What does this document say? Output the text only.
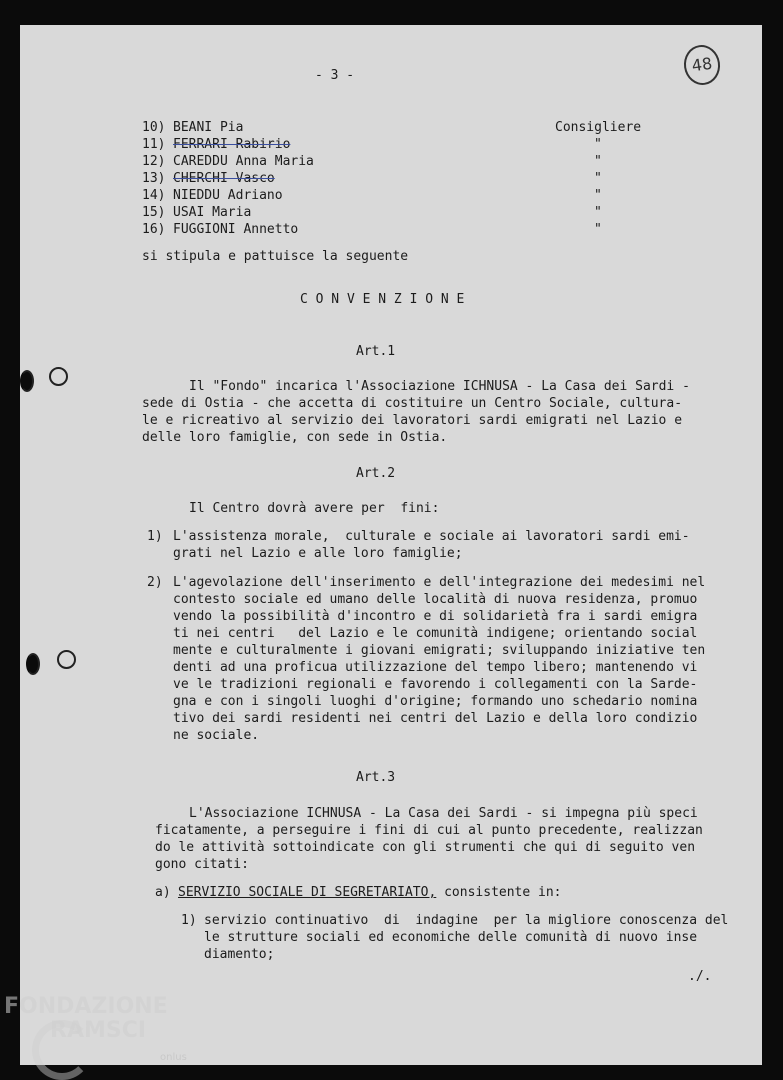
- 3 -
48
10) BEANI Pia	Consigliere
11) FERRARI Rabirio	"
12) CAREDDU Anna Maria	"
13) CHERCHI Vasco	"
14) NIEDDU Adriano	"
15) USAI Maria	"
16) FUGGIONI Annetto	"
si stipula e pattuisce la seguente
C O N V E N Z I O N E
Art.1
Il "Fondo" incarica l'Associazione ICHNUSA - La Casa dei Sardi -
sede di Ostia - che accetta di costituire un Centro Sociale, cultura-
le e ricreativo al servizio dei lavoratori sardi emigrati nel Lazio e
delle loro famiglie, con sede in Ostia.
Art.2
Il Centro dovrà avere per  fini:
1) L'assistenza morale,  culturale e sociale ai lavoratori sardi emi-
grati nel Lazio e alle loro famiglie;
2) L'agevolazione dell'inserimento e dell'integrazione dei medesimi nel
contesto sociale ed umano delle località di nuova residenza, promuo
vendo la possibilità d'incontro e di solidarietà fra i sardi emigra
ti nei centri   del Lazio e le comunità indigene; orientando social
mente e culturalmente i giovani emigrati; sviluppando iniziative ten
denti ad una proficua utilizzazione del tempo libero; mantenendo vi
ve le tradizioni regionali e favorendo i collegamenti con la Sarde-
gna e con i singoli luoghi d'origine; formando uno schedario nomina
tivo dei sardi residenti nei centri del Lazio e della loro condizio
ne sociale.
Art.3
L'Associazione ICHNUSA - La Casa dei Sardi - si impegna più speci
ficatamente, a perseguire i fini di cui al punto precedente, realizzan
do le attività sottoindicate con gli strumenti che qui di seguito ven
gono citati:
a) SERVIZIO SOCIALE DI SEGRETARIATO, consistente in:
1) servizio continuativo  di  indagine  per la migliore conoscenza del
le strutture sociali ed economiche delle comunità di nuovo inse
diamento;
./.
FONDAZIONE
RAMSCI
onlus
